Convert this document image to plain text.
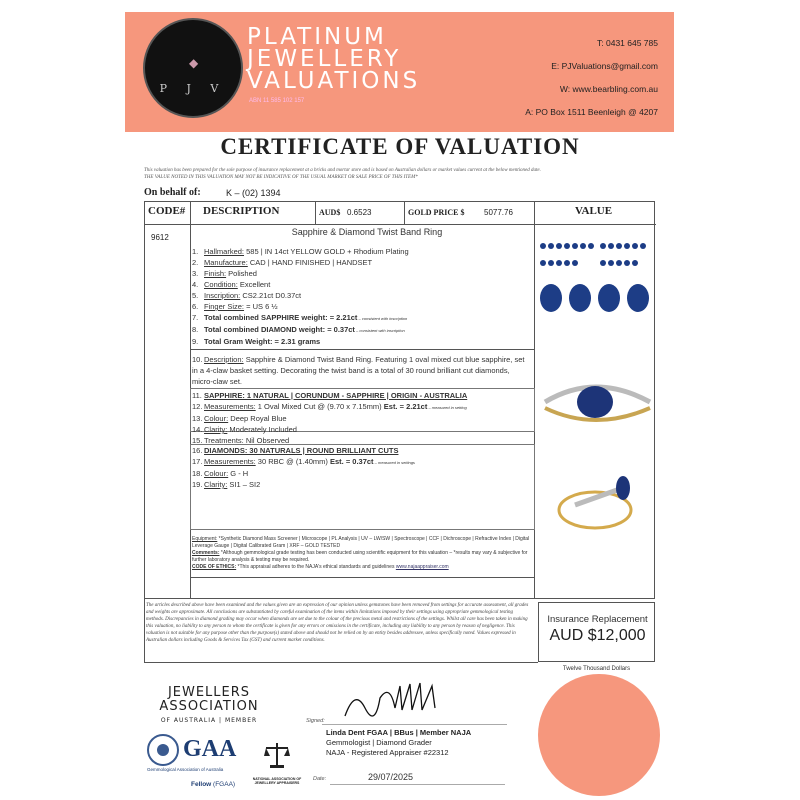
◆
P J V
PLATINUM
JEWELLERY
VALUATIONS
ABN 11 585 102 157
T: 0431 645 785
E: PJValuations@gmail.com
W: www.bearbling.com.au
A: PO Box 1511 Beenleigh @ 4207
CERTIFICATE OF VALUATION
This valuation has been prepared for the sole purpose of insurance replacement at a bricks and mortar store and is based on Australian dollars or market values current at the below mentioned date.
THE VALUE NOTED IN THIS VALUATION MAY NOT BE INDICATIVE OF THE USUAL MARKET OR SALE PRICE OF THIS ITEM*
On behalf of:	K – (02) 1394
CODE# DESCRIPTION	AUD$ 0.6523	GOLD PRICE $ 5077.76	VALUE
9612
Sapphire & Diamond Twist Band Ring
1. Hallmarked: 585 | IN 14ct YELLOW GOLD + Rhodium Plating
2. Manufacture: CAD | HAND FINISHED | HANDSET
3. Finish: Polished
4. Condition: Excellent
5. Inscription: CS2.21ct D0.37ct
6. Finger Size: = US 6 ½
7. Total combined SAPPHIRE weight: = 2.21ct – consistent with inscription
8. Total combined DIAMOND weight: = 0.37ct – consistent with inscription
9. Total Gram Weight: = 2.31 grams
10. Description: Sapphire & Diamond Twist Band Ring. Featuring 1 oval mixed cut blue sapphire, set in a 4-claw basket setting. Decorating the twist band is a total of 30 round brilliant cut diamonds, micro-claw set.
11. SAPPHIRE: 1 NATURAL | CORUNDUM - SAPPHIRE | ORIGIN - AUSTRALIA
12. Measurements: 1 Oval Mixed Cut @ (9.70 x 7.15mm) Est. = 2.21ct – measured in setting
13. Colour: Deep Royal Blue
14. Clarity: Moderately Included
15. Treatments: Nil Observed
16. DIAMONDS: 30 NATURALS | ROUND BRILLIANT CUTS
17. Measurements: 30 RBC @ (1.40mm) Est. = 0.37ct – measured in settings
18. Colour: G - H
19. Clarity: SI1 – SI2
Equipment: *Synthetic Diamond Mass Screener | Microscope | PL Analysis | UV – LW/SW | Spectroscope | CCF | Dichroscope | Refractive Index | Digital Leverage Gauge | Digital Calibrated Gram | XRF – GOLD TESTED
Comments: *Although gemmological grade testing has been conducted using scientific equipment for this valuation – *results may vary & subjective for further laboratory analysis & testing may be required.
CODE OF ETHICS: *This appraisal adheres to the NAJA's ethical standards and guidelines www.najaappraiser.com
The articles described above have been examined and the values given are an expression of our opinion unless gemstones have been removed from settings for accurate assessment, all grades and weights are approximate. All conclusions are substantiated by careful examination of the items within limitations imposed by their settings using appropriate gemmological testing methods. Discrepancies in diamond grading may occur when diamonds are set due to the colour of the precious metal and restrictions of the settings. Whilst all care has been taken in making this valuation, no liability to any person to whom the certificate is given for any errors or omissions in the certificate, including any liability to any person by reason of negligence. This valuation is not suitable for any purpose other than the purpose(s) stated above and should not be relied on by an entity besides addressee, unless specifically noted. Values expressed in Australian dollars including Goods & Services Tax (GST) and current market conditions.
Insurance Replacement
AUD $12,000
Twelve Thousand Dollars
JEWELLERS
ASSOCIATION
OF AUSTRALIA | MEMBER
GAA
Gemmological Association of Australia
Fellow (FGAA)
NATIONAL ASSOCIATION OF JEWELLERY APPRAISERS
Signed:
Linda Dent FGAA | BBus | Member NAJA
Gemmologist | Diamond Grader
NAJA - Registered Appraiser #22312
Date:	29/07/2025
